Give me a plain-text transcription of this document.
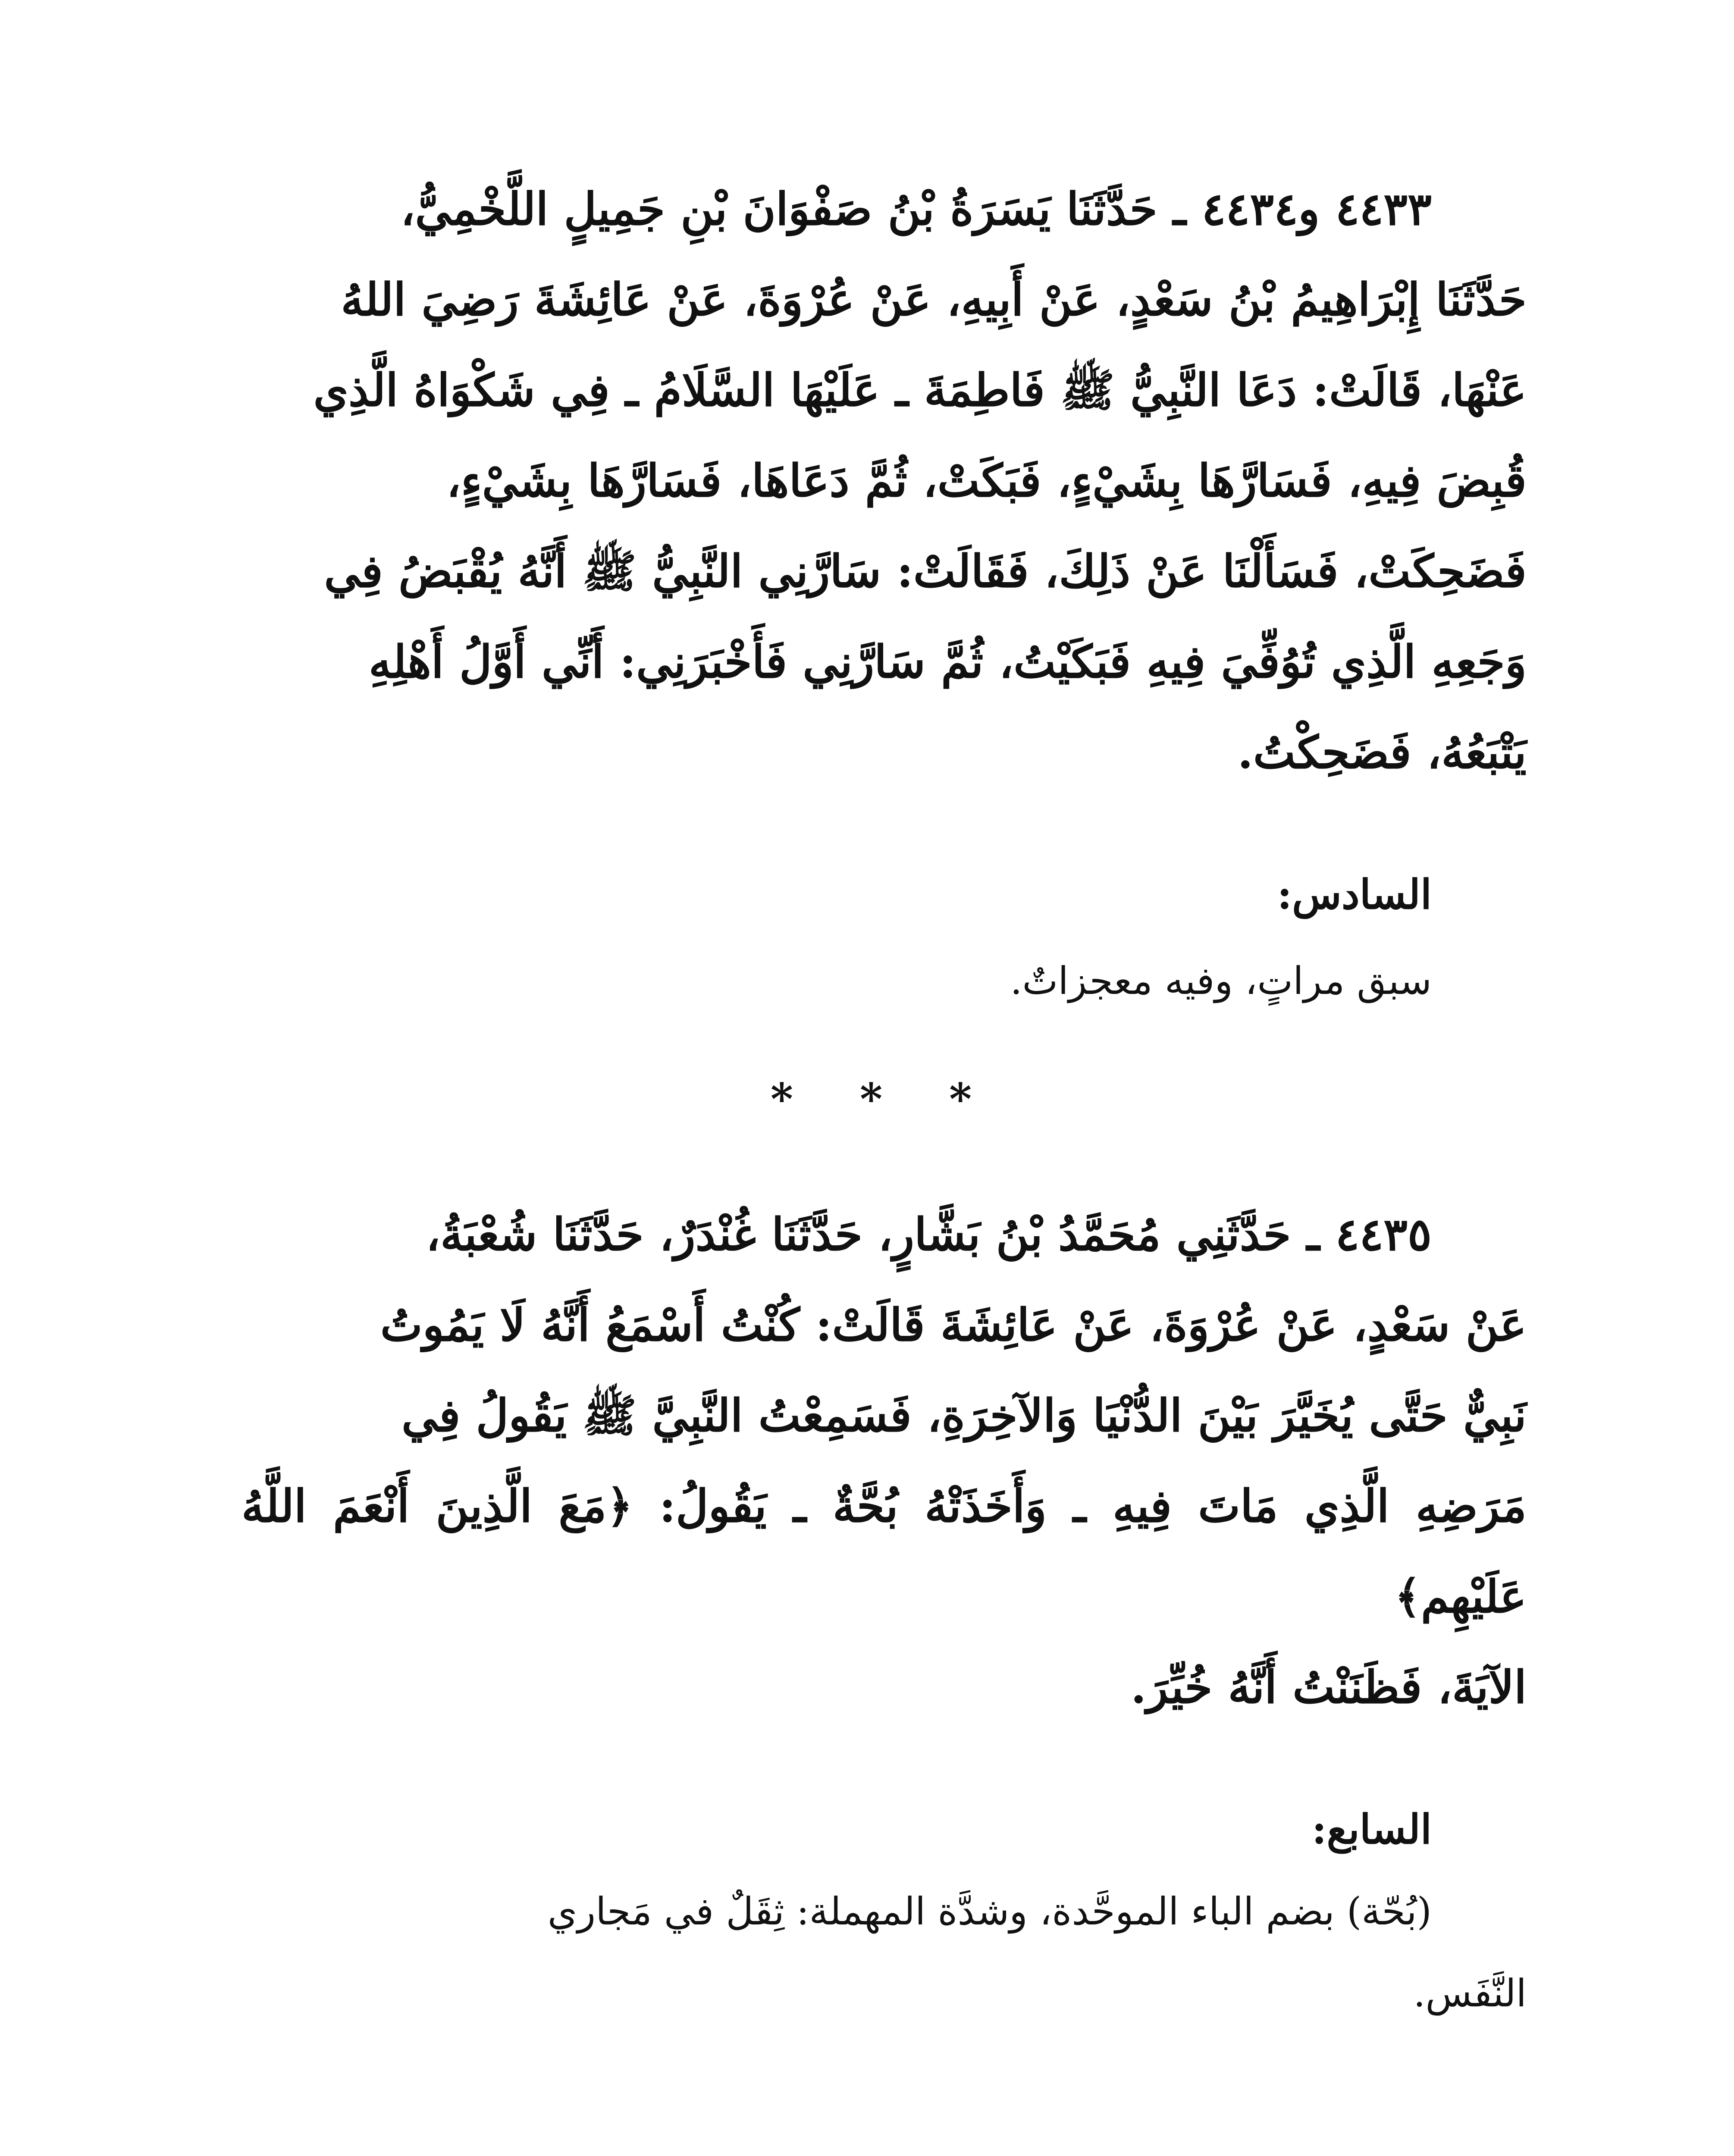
٤٤٣٣ و٤٤٣٤ ـ حَدَّثَنَا يَسَرَةُ بْنُ صَفْوَانَ بْنِ جَمِيلٍ اللَّخْمِيُّ،

حَدَّثَنَا إِبْرَاهِيمُ بْنُ سَعْدٍ، عَنْ أَبِيهِ، عَنْ عُرْوَةَ، عَنْ عَائِشَةَ رَضِيَ اللهُ

عَنْهَا، قَالَتْ: دَعَا النَّبِيُّ ﷺ فَاطِمَةَ ـ عَلَيْهَا السَّلَامُ ـ فِي شَكْوَاهُ الَّذِي

قُبِضَ فِيهِ، فَسَارَّهَا بِشَيْءٍ، فَبَكَتْ، ثُمَّ دَعَاهَا، فَسَارَّهَا بِشَيْءٍ،

فَضَحِكَتْ، فَسَأَلْنَا عَنْ ذَلِكَ، فَقَالَتْ: سَارَّنِي النَّبِيُّ ﷺ أَنَّهُ يُقْبَضُ فِي

وَجَعِهِ الَّذِي تُوُفِّيَ فِيهِ فَبَكَيْتُ، ثُمَّ سَارَّنِي فَأَخْبَرَنِي: أَنِّي أَوَّلُ أَهْلِهِ

يَتْبَعُهُ، فَضَحِكْتُ.

السادس:

سبق مراتٍ، وفيه معجزاتٌ.

* * *

٤٤٣٥ ـ حَدَّثَنِي مُحَمَّدُ بْنُ بَشَّارٍ، حَدَّثَنَا غُنْدَرٌ، حَدَّثَنَا شُعْبَةُ،

عَنْ سَعْدٍ، عَنْ عُرْوَةَ، عَنْ عَائِشَةَ قَالَتْ: كُنْتُ أَسْمَعُ أَنَّهُ لَا يَمُوتُ

نَبِيٌّ حَتَّى يُخَيَّرَ بَيْنَ الدُّنْيَا وَالآخِرَةِ، فَسَمِعْتُ النَّبِيَّ ﷺ يَقُولُ فِي

مَرَضِهِ الَّذِي مَاتَ فِيهِ ـ وَأَخَذَتْهُ بُحَّةٌ ـ يَقُولُ: ﴿مَعَ الَّذِينَ أَنْعَمَ اللَّهُ عَلَيْهِم﴾

الآيَةَ، فَظَنَنْتُ أَنَّهُ خُيِّرَ.

السابع:

(بُحّة) بضم الباء الموحَّدة، وشدَّة المهملة: ثِقَلٌ في مَجاري

النَّفَس.
